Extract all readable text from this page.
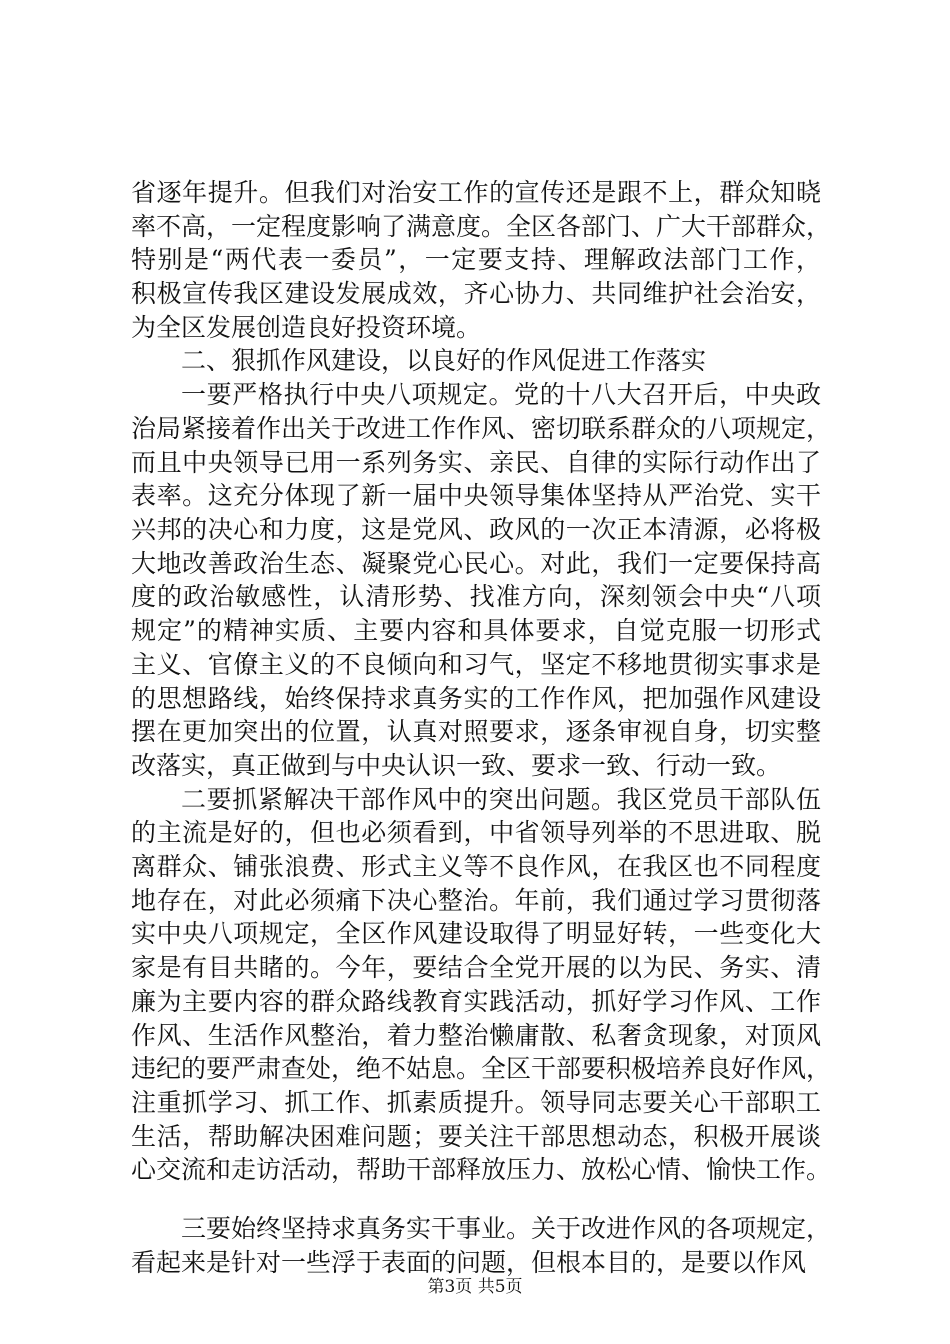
省逐年提升。但我们对治安工作的宣传还是跟不上，群众知晓
率不高，一定程度影响了满意度。全区各部门、广大干部群众，
特别是“两代表一委员”，一定要支持、理解政法部门工作，
积极宣传我区建设发展成效，齐心协力、共同维护社会治安，
为全区发展创造良好投资环境。
二、狠抓作风建设，以良好的作风促进工作落实
一要严格执行中央八项规定。党的十八大召开后，中央政
治局紧接着作出关于改进工作作风、密切联系群众的八项规定，
而且中央领导已用一系列务实、亲民、自律的实际行动作出了
表率。这充分体现了新一届中央领导集体坚持从严治党、实干
兴邦的决心和力度，这是党风、政风的一次正本清源，必将极
大地改善政治生态、凝聚党心民心。对此，我们一定要保持高
度的政治敏感性，认清形势、找准方向，深刻领会中央“八项
规定”的精神实质、主要内容和具体要求，自觉克服一切形式
主义、官僚主义的不良倾向和习气，坚定不移地贯彻实事求是
的思想路线，始终保持求真务实的工作作风，把加强作风建设
摆在更加突出的位置，认真对照要求，逐条审视自身，切实整
改落实，真正做到与中央认识一致、要求一致、行动一致。
二要抓紧解决干部作风中的突出问题。我区党员干部队伍
的主流是好的，但也必须看到，中省领导列举的不思进取、脱
离群众、铺张浪费、形式主义等不良作风，在我区也不同程度
地存在，对此必须痛下决心整治。年前，我们通过学习贯彻落
实中央八项规定，全区作风建设取得了明显好转，一些变化大
家是有目共睹的。今年，要结合全党开展的以为民、务实、清
廉为主要内容的群众路线教育实践活动，抓好学习作风、工作
作风、生活作风整治，着力整治懒庸散、私奢贪现象，对顶风
违纪的要严肃查处，绝不姑息。全区干部要积极培养良好作风，
注重抓学习、抓工作、抓素质提升。领导同志要关心干部职工
生活，帮助解决困难问题；要关注干部思想动态，积极开展谈
心交流和走访活动，帮助干部释放压力、放松心情、愉快工作。
三要始终坚持求真务实干事业。关于改进作风的各项规定，
看起来是针对一些浮于表面的问题，但根本目的，是要以作风
第3页 共5页
